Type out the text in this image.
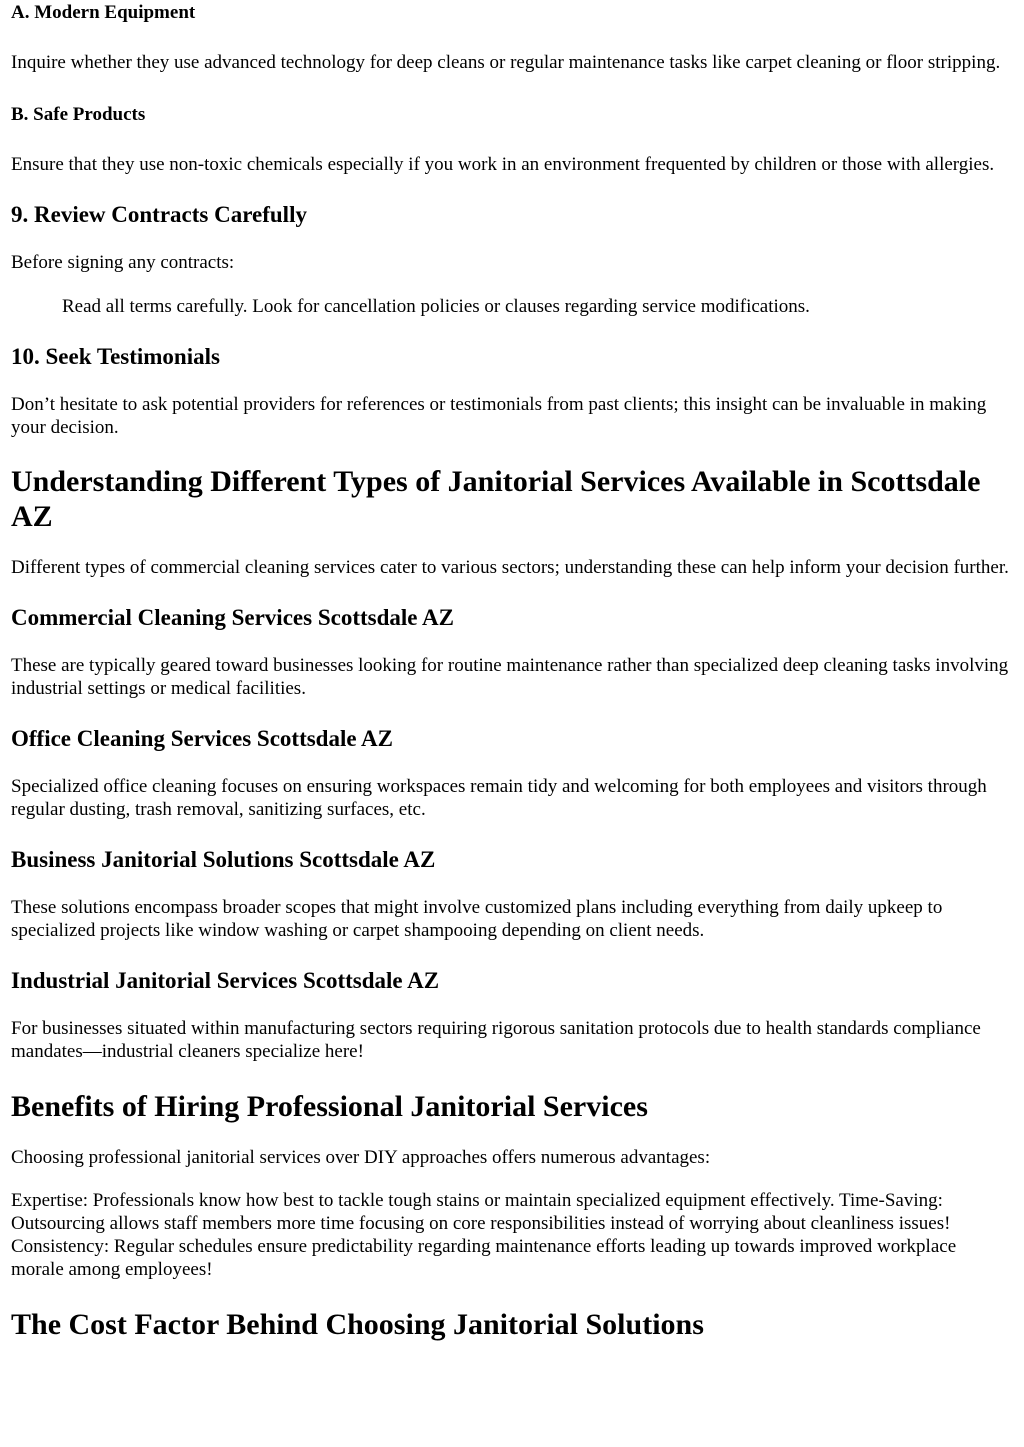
A. Modern Equipment

Inquire whether they use advanced technology for deep cleans or regular maintenance tasks like carpet cleaning or floor stripping.

B. Safe Products

Ensure that they use non-toxic chemicals especially if you work in an environment frequented by children or those with allergies.

9. Review Contracts Carefully

Before signing any contracts:

Read all terms carefully. Look for cancellation policies or clauses regarding service modifications.

10. Seek Testimonials

Don’t hesitate to ask potential providers for references or testimonials from past clients; this insight can be invaluable in making your decision.

Understanding Different Types of Janitorial Services Available in Scottsdale AZ

Different types of commercial cleaning services cater to various sectors; understanding these can help inform your decision further.

Commercial Cleaning Services Scottsdale AZ

These are typically geared toward businesses looking for routine maintenance rather than specialized deep cleaning tasks involving industrial settings or medical facilities.

Office Cleaning Services Scottsdale AZ

Specialized office cleaning focuses on ensuring workspaces remain tidy and welcoming for both employees and visitors through regular dusting, trash removal, sanitizing surfaces, etc.

Business Janitorial Solutions Scottsdale AZ

These solutions encompass broader scopes that might involve customized plans including everything from daily upkeep to specialized projects like window washing or carpet shampooing depending on client needs.

Industrial Janitorial Services Scottsdale AZ

For businesses situated within manufacturing sectors requiring rigorous sanitation protocols due to health standards compliance mandates—industrial cleaners specialize here!

Benefits of Hiring Professional Janitorial Services

Choosing professional janitorial services over DIY approaches offers numerous advantages:

Expertise: Professionals know how best to tackle tough stains or maintain specialized equipment effectively. Time-Saving: Outsourcing allows staff members more time focusing on core responsibilities instead of worrying about cleanliness issues! Consistency: Regular schedules ensure predictability regarding maintenance efforts leading up towards improved workplace morale among employees!

The Cost Factor Behind Choosing Janitorial Solutions
